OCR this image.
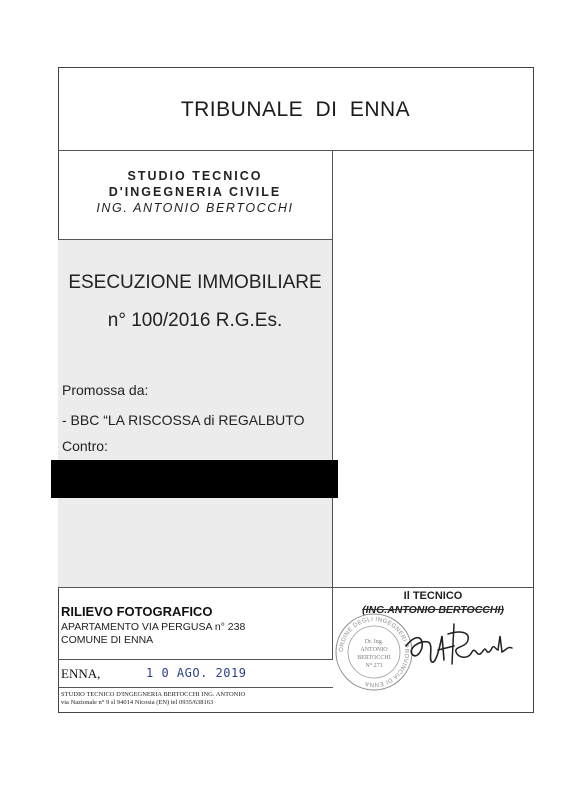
TRIBUNALE DI ENNA
STUDIO TECNICO
D'INGEGNERIA CIVILE
ING. ANTONIO BERTOCCHI
ESECUZIONE IMMOBILIARE
n° 100/2016 R.G.Es.
Promossa da:
- BBC “LA RISCOSSA di REGALBUTO
Contro:
RILIEVO FOTOGRAFICO
APARTAMENTO VIA PERGUSA n° 238
COMUNE DI ENNA
Il TECNICO
(ING.ANTONIO BERTOCCHI)
ORDINE DEGLI INGEGNERI PROVINCIA DI ENNA
Dr. Ing.
ANTONIO
BERTOCCHI
N° 273
ENNA,	1 0 AGO. 2019
STUDIO TECNICO D'INGEGNERIA BERTOCCHI ING. ANTONIO
via Nazionale n° 9 sl 94014 Nicosia (EN) tel 0935/638163
